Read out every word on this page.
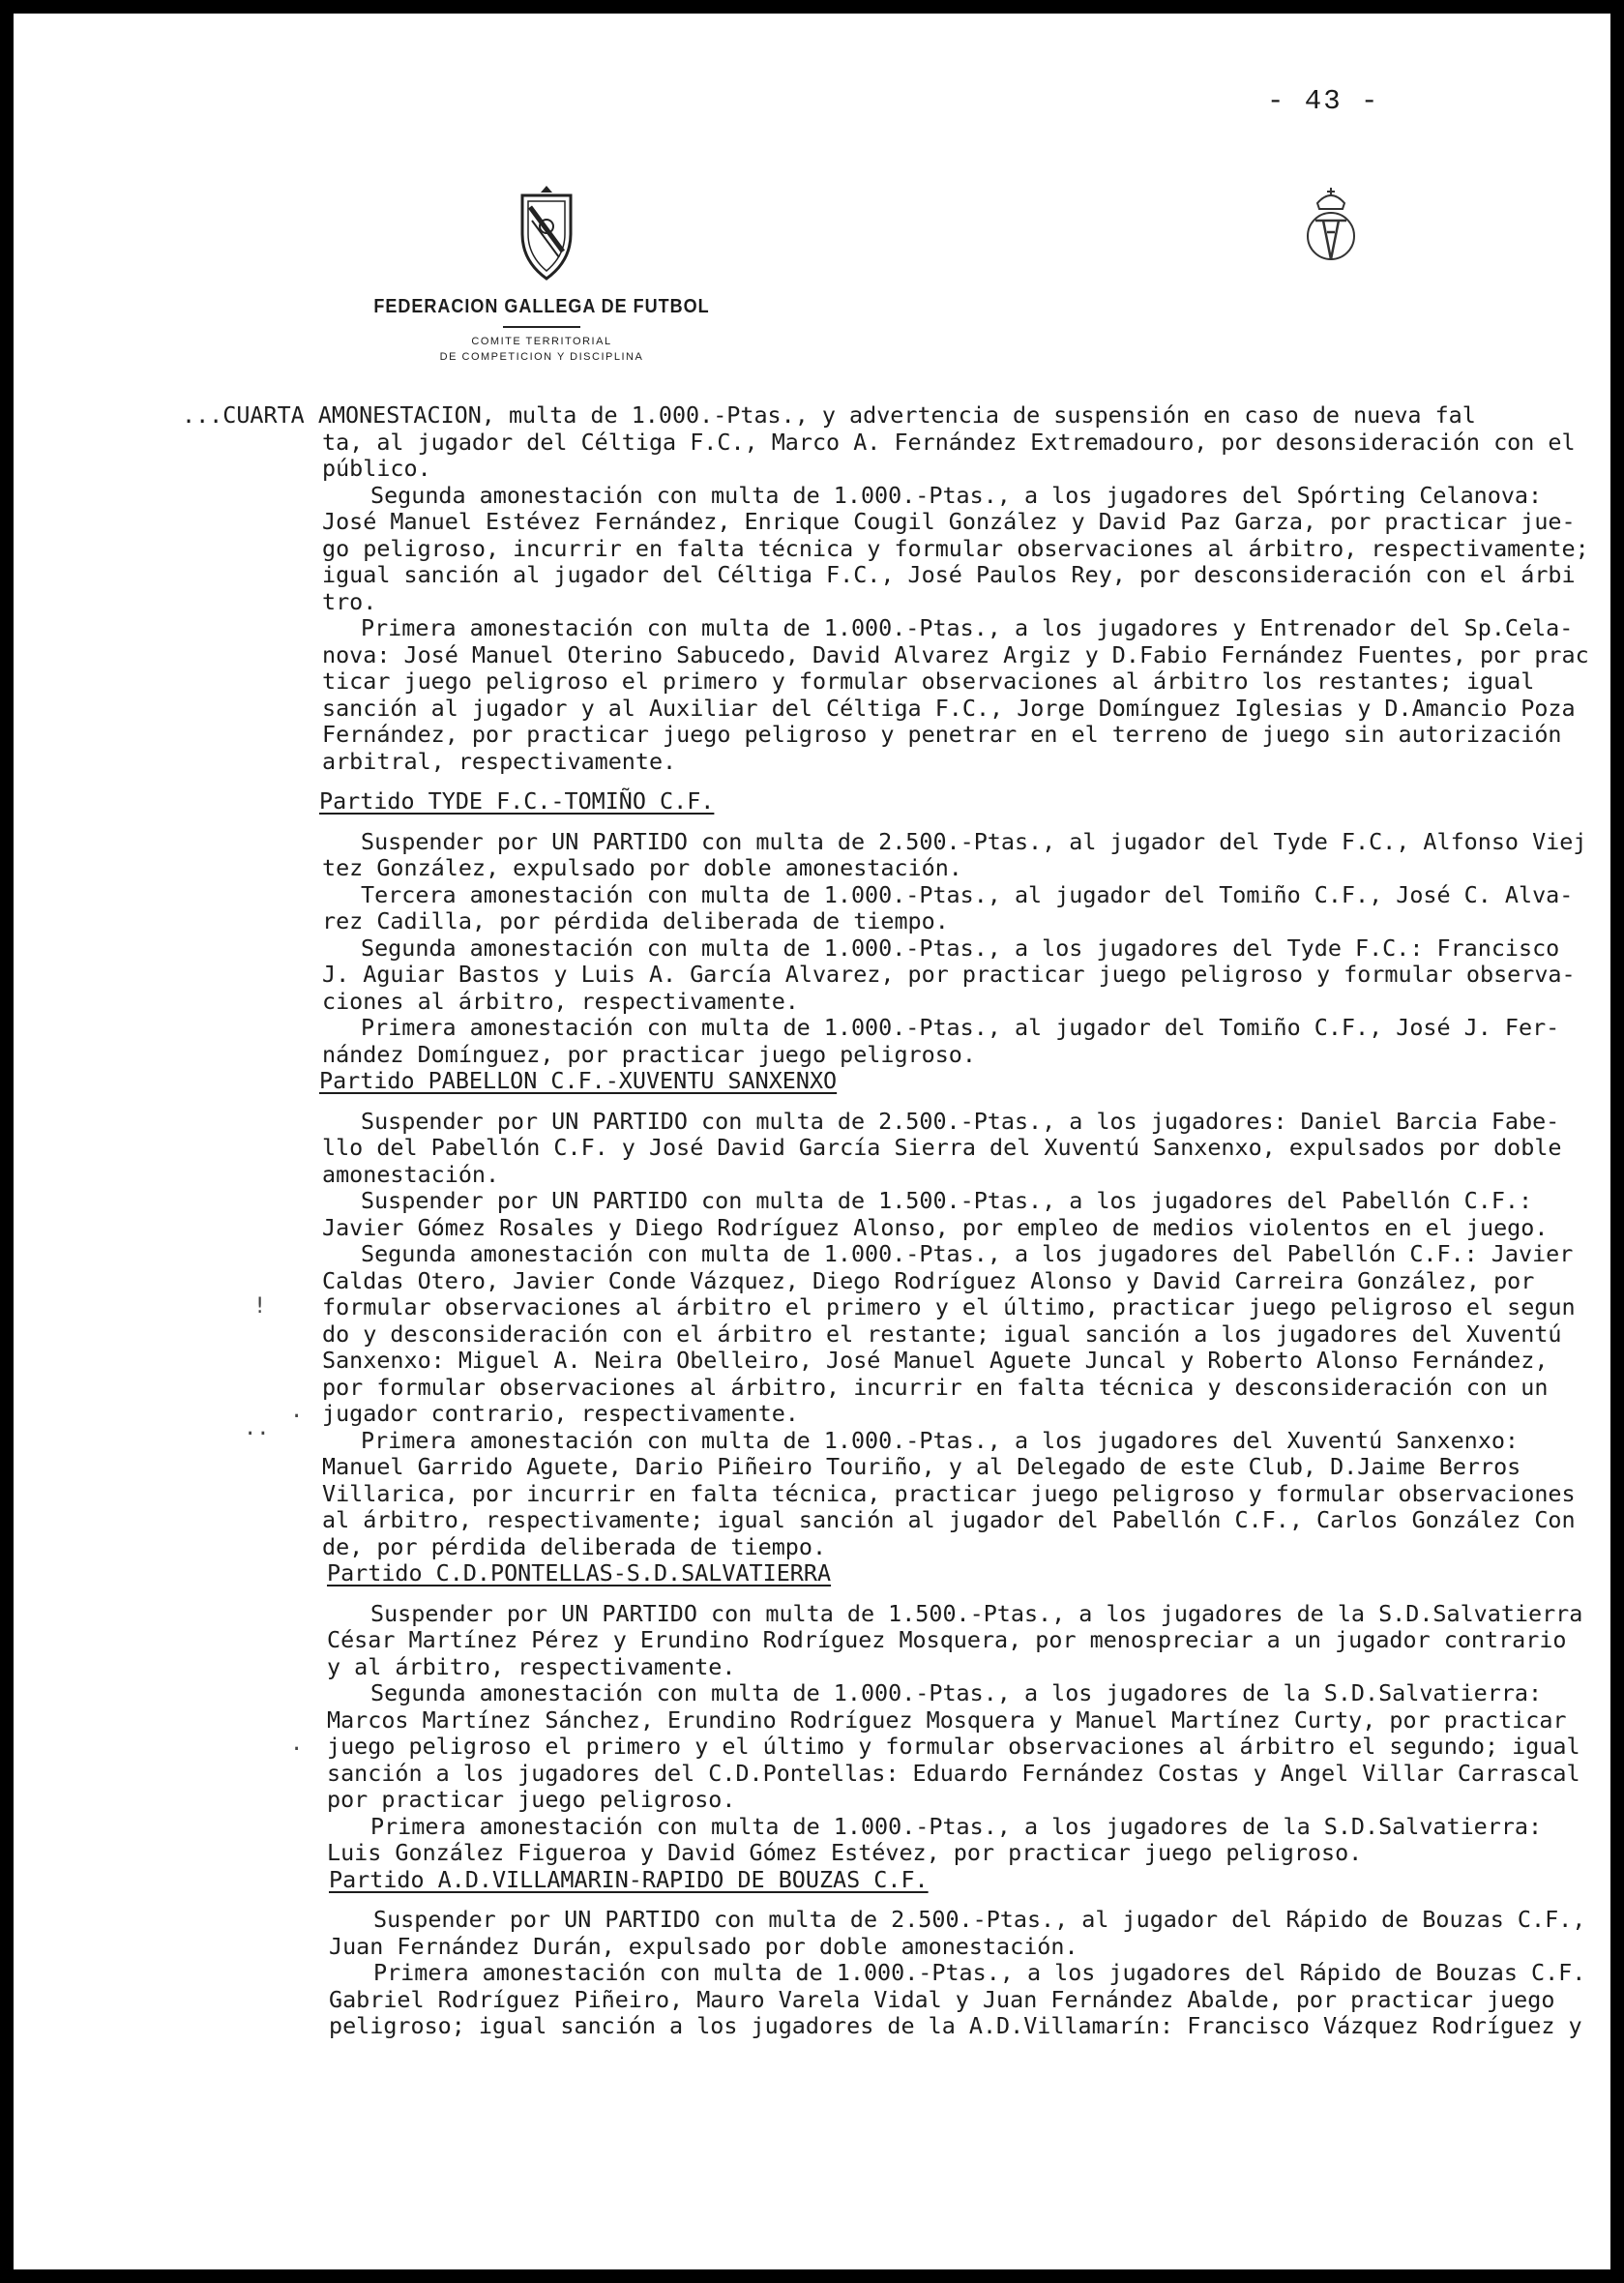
- 43 -
FEDERACION GALLEGA DE FUTBOL
COMITE TERRITORIAL
DE COMPETICION Y DISCIPLINA
...CUARTA AMONESTACION, multa de 1.000.-Ptas., y advertencia de suspensión en caso de nueva fal
ta, al jugador del Céltiga F.C., Marco A. Fernández Extremadouro, por desonsideración con el
público.
Segunda amonestación con multa de 1.000.-Ptas., a los jugadores del Spórting Celanova:
José Manuel Estévez Fernández, Enrique Cougil González y David Paz Garza, por practicar jue-
go peligroso, incurrir en falta técnica y formular observaciones al árbitro, respectivamente;
igual sanción al jugador del Céltiga F.C., José Paulos Rey, por desconsideración con el árbi
tro.
Primera amonestación con multa de 1.000.-Ptas., a los jugadores y Entrenador del Sp.Cela-
nova: José Manuel Oterino Sabucedo, David Alvarez Argiz y D.Fabio Fernández Fuentes, por prac
ticar juego peligroso el primero y formular observaciones al árbitro los restantes; igual
sanción al jugador y al Auxiliar del Céltiga F.C., Jorge Domínguez Iglesias y D.Amancio Poza
Fernández, por practicar juego peligroso y penetrar en el terreno de juego sin autorización
arbitral, respectivamente.
Partido TYDE F.C.-TOMIÑO C.F.
Suspender por UN PARTIDO con multa de 2.500.-Ptas., al jugador del Tyde F.C., Alfonso Viej
tez González, expulsado por doble amonestación.
Tercera amonestación con multa de 1.000.-Ptas., al jugador del Tomiño C.F., José C. Alva-
rez Cadilla, por pérdida deliberada de tiempo.
Segunda amonestación con multa de 1.000.-Ptas., a los jugadores del Tyde F.C.: Francisco
J. Aguiar Bastos y Luis A. García Alvarez, por practicar juego peligroso y formular observa-
ciones al árbitro, respectivamente.
Primera amonestación con multa de 1.000.-Ptas., al jugador del Tomiño C.F., José J. Fer-
nández Domínguez, por practicar juego peligroso.
Partido PABELLON C.F.-XUVENTU SANXENXO
Suspender por UN PARTIDO con multa de 2.500.-Ptas., a los jugadores: Daniel Barcia Fabe-
llo del Pabellón C.F. y José David García Sierra del Xuventú Sanxenxo, expulsados por doble
amonestación.
Suspender por UN PARTIDO con multa de 1.500.-Ptas., a los jugadores del Pabellón C.F.:
Javier Gómez Rosales y Diego Rodríguez Alonso, por empleo de medios violentos en el juego.
Segunda amonestación con multa de 1.000.-Ptas., a los jugadores del Pabellón C.F.: Javier
Caldas Otero, Javier Conde Vázquez, Diego Rodríguez Alonso y David Carreira González, por
formular observaciones al árbitro el primero y el último, practicar juego peligroso el segun
do y desconsideración con el árbitro el restante; igual sanción a los jugadores del Xuventú
Sanxenxo: Miguel A. Neira Obelleiro, José Manuel Aguete Juncal y Roberto Alonso Fernández,
por formular observaciones al árbitro, incurrir en falta técnica y desconsideración con un
jugador contrario, respectivamente.
Primera amonestación con multa de 1.000.-Ptas., a los jugadores del Xuventú Sanxenxo:
Manuel Garrido Aguete, Dario Piñeiro Touriño, y al Delegado de este Club, D.Jaime Berros
Villarica, por incurrir en falta técnica, practicar juego peligroso y formular observaciones
al árbitro, respectivamente; igual sanción al jugador del Pabellón C.F., Carlos González Con
de, por pérdida deliberada de tiempo.
Partido C.D.PONTELLAS-S.D.SALVATIERRA
Suspender por UN PARTIDO con multa de 1.500.-Ptas., a los jugadores de la S.D.Salvatierra
César Martínez Pérez y Erundino Rodríguez Mosquera, por menospreciar a un jugador contrario
y al árbitro, respectivamente.
Segunda amonestación con multa de 1.000.-Ptas., a los jugadores de la S.D.Salvatierra:
Marcos Martínez Sánchez, Erundino Rodríguez Mosquera y Manuel Martínez Curty, por practicar
juego peligroso el primero y el último y formular observaciones al árbitro el segundo; igual
sanción a los jugadores del C.D.Pontellas: Eduardo Fernández Costas y Angel Villar Carrascal
por practicar juego peligroso.
Primera amonestación con multa de 1.000.-Ptas., a los jugadores de la S.D.Salvatierra:
Luis González Figueroa y David Gómez Estévez, por practicar juego peligroso.
Partido A.D.VILLAMARIN-RAPIDO DE BOUZAS C.F.
Suspender por UN PARTIDO con multa de 2.500.-Ptas., al jugador del Rápido de Bouzas C.F.,
Juan Fernández Durán, expulsado por doble amonestación.
Primera amonestación con multa de 1.000.-Ptas., a los jugadores del Rápido de Bouzas C.F.
Gabriel Rodríguez Piñeiro, Mauro Varela Vidal y Juan Fernández Abalde, por practicar juego
peligroso; igual sanción a los jugadores de la A.D.Villamarín: Francisco Vázquez Rodríguez y
!
·
··
·
